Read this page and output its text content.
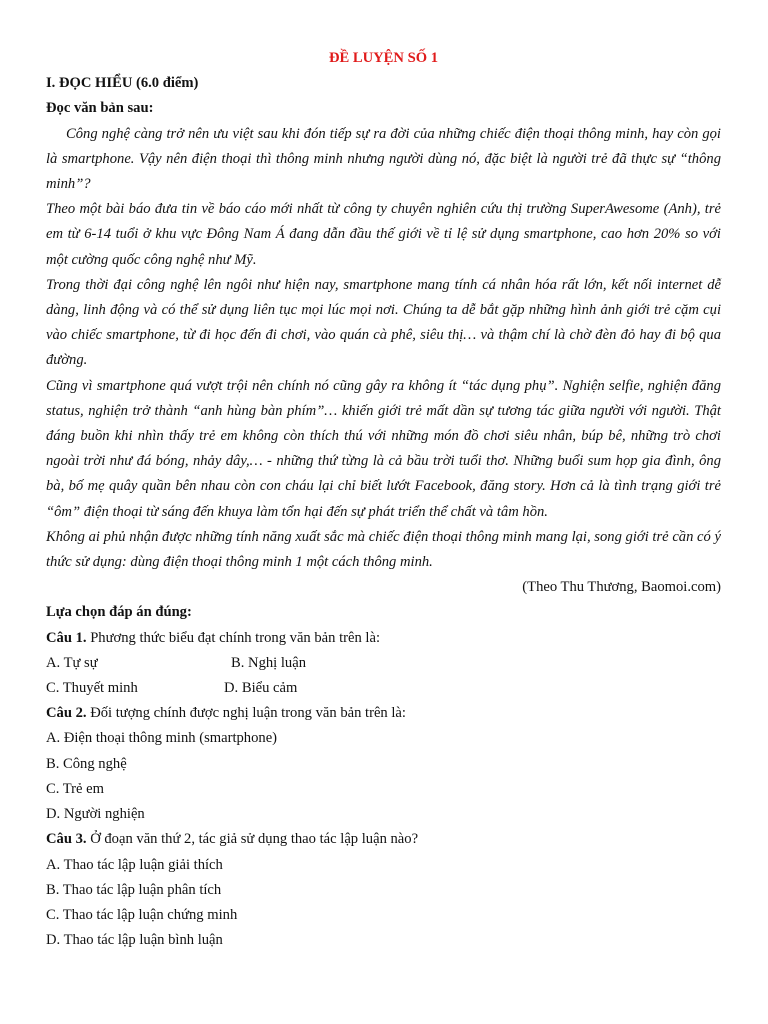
ĐỀ LUYỆN SỐ 1
I. ĐỌC HIỂU (6.0 điểm)
Đọc văn bản sau:

Công nghệ càng trở nên ưu việt sau khi đón tiếp sự ra đời của những chiếc điện thoại thông minh, hay còn gọi là smartphone. Vậy nên điện thoại thì thông minh nhưng người dùng nó, đặc biệt là người trẻ đã thực sự “thông minh”?

Theo một bài báo đưa tin về báo cáo mới nhất từ công ty chuyên nghiên cứu thị trường SuperAwesome (Anh), trẻ em từ 6-14 tuổi ở khu vực Đông Nam Á đang dẫn đầu thế giới về tỉ lệ sử dụng smartphone, cao hơn 20% so với một cường quốc công nghệ như Mỹ.

Trong thời đại công nghệ lên ngôi như hiện nay, smartphone mang tính cá nhân hóa rất lớn, kết nối internet dễ dàng, linh động và có thể sử dụng liên tục mọi lúc mọi nơi. Chúng ta dễ bắt gặp những hình ảnh giới trẻ cặm cụi vào chiếc smartphone, từ đi học đến đi chơi, vào quán cà phê, siêu thị… và thậm chí là chờ đèn đỏ hay đi bộ qua đường.

Cũng vì smartphone quá vượt trội nên chính nó cũng gây ra không ít “tác dụng phụ”. Nghiện selfie, nghiện đăng status, nghiện trở thành “anh hùng bàn phím”… khiến giới trẻ mất dần sự tương tác giữa người với người. Thật đáng buồn khi nhìn thấy trẻ em không còn thích thú với những món đồ chơi siêu nhân, búp bê, những trò chơi ngoài trời như đá bóng, nhảy dây,… - những thứ từng là cả bầu trời tuổi thơ. Những buổi sum họp gia đình, ông bà, bố mẹ quây quần bên nhau còn con cháu lại chỉ biết lướt Facebook, đăng story. Hơn cả là tình trạng giới trẻ “ôm” điện thoại từ sáng đến khuya làm tổn hại đến sự phát triển thể chất và tâm hồn.

Không ai phủ nhận được những tính năng xuất sắc mà chiếc điện thoại thông minh mang lại, song giới trẻ cần có ý thức sử dụng: dùng điện thoại thông minh 1 một cách thông minh.

(Theo Thu Thương, Baomoi.com)

Lựa chọn đáp án đúng:
Câu 1. Phương thức biểu đạt chính trong văn bản trên là:
A. Tự sự	B. Nghị luận
C. Thuyết minh	D. Biểu cảm
Câu 2. Đối tượng chính được nghị luận trong văn bản trên là:
A. Điện thoại thông minh (smartphone)
B. Công nghệ
C. Trẻ em
D. Người nghiện
Câu 3. Ở đoạn văn thứ 2, tác giả sử dụng thao tác lập luận nào?
A. Thao tác lập luận giải thích
B. Thao tác lập luận phân tích
C. Thao tác lập luận chứng minh
D. Thao tác lập luận bình luận
